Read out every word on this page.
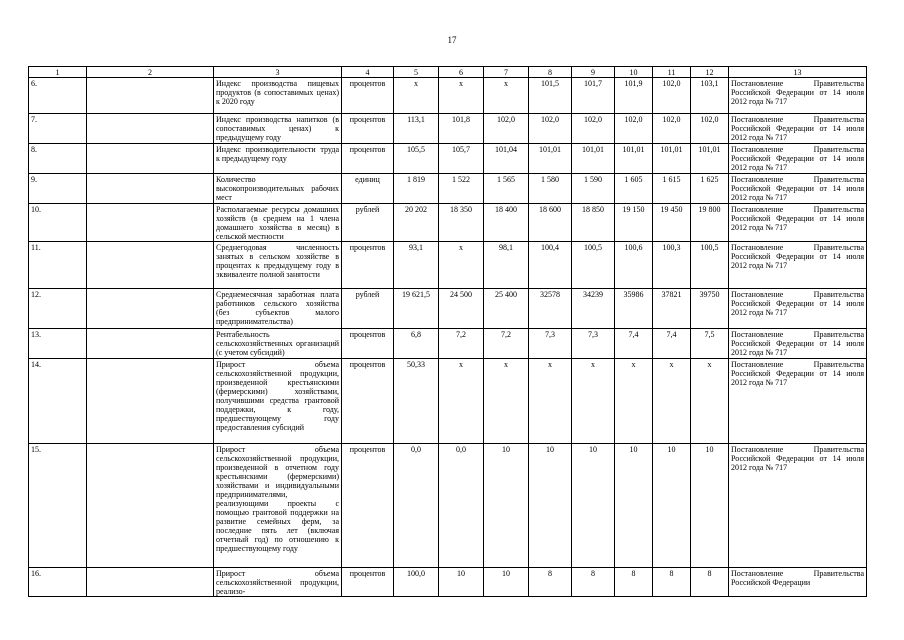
17
1	2	3	4	5	6	7	8	9	10	11	12	13
6.		Индекс производства пищевых продуктов (в сопоставимых ценах) к 2020 году	процентов	х	х	х	101,5	101,7	101,9	102,0	103,1	Постановление Правительства Российской Федерации от 14 июля 2012 года № 717
7.		Индекс производства напитков (в сопоставимых ценах) к предыдущему году	процентов	113,1	101,8	102,0	102,0	102,0	102,0	102,0	102,0	Постановление Правительства Российской Федерации от 14 июля 2012 года № 717
8.		Индекс производительности труда к предыдущему году	процентов	105,5	105,7	101,04	101,01	101,01	101,01	101,01	101,01	Постановление Правительства Российской Федерации от 14 июля 2012 года № 717
9.		Количество высокопроизводительных рабочих мест	единиц	1 819	1 522	1 565	1 580	1 590	1 605	1 615	1 625	Постановление Правительства Российской Федерации от 14 июля 2012 года № 717
10.		Располагаемые ресурсы домашних хозяйств (в среднем на 1 члена домашнего хозяйства в месяц) в сельской местности	рублей	20 202	18 350	18 400	18 600	18 850	19 150	19 450	19 800	Постановление Правительства Российской Федерации от 14 июля 2012 года № 717
11.		Среднегодовая численность занятых в сельском хозяйстве в процентах к предыдущему году в эквиваленте полной занятости	процентов	93,1	х	98,1	100,4	100,5	100,6	100,3	100,5	Постановление Правительства Российской Федерации от 14 июля 2012 года № 717
12.		Среднемесячная заработная плата работников сельского хозяйства (без субъектов малого предпринимательства)	рублей	19 621,5	24 500	25 400	32578	34239	35986	37821	39750	Постановление Правительства Российской Федерации от 14 июля 2012 года № 717
13.		Рентабельность сельскохозяйственных организаций (с учетом субсидий)	процентов	6,8	7,2	7,2	7,3	7,3	7,4	7,4	7,5	Постановление Правительства Российской Федерации от 14 июля 2012 года № 717
14.		Прирост объема сельскохозяйственной продукции, произведенной крестьянскими (фермерскими) хозяйствами, получившими средства грантовой поддержки, к году, предшествующему году предоставления субсидий	процентов	50,33	х	х	х	х	х	х	х	Постановление Правительства Российской Федерации от 14 июля 2012 года № 717
15.		Прирост объема сельскохозяйственной продукции, произведенной в отчетном году крестьянскими (фермерскими) хозяйствами и индивидуальными предпринимателями, реализующими проекты с помощью грантовой поддержки на развитие семейных ферм, за последние пять лет (включая отчетный год) по отношению к предшествующему году	процентов	0,0	0,0	10	10	10	10	10	10	Постановление Правительства Российской Федерации от 14 июля 2012 года № 717
16.		Прирост объема сельскохозяйственной продукции, реализо-	процентов	100,0	10	10	8	8	8	8	8	Постановление Правительства Российской Федерации
